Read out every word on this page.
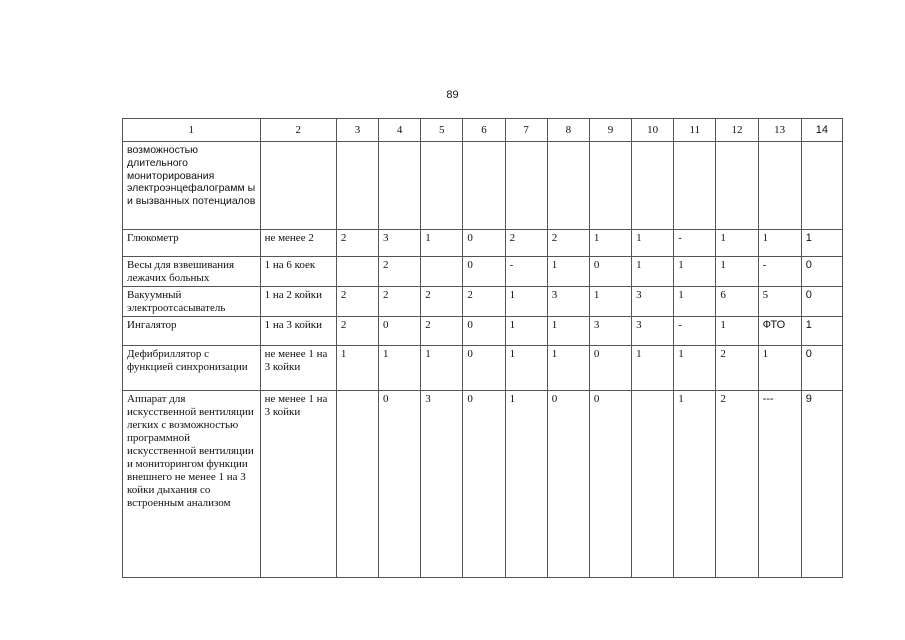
89
1	2	3	4	5	6	7	8	9	10	11	12	13	14
возможностью длительного мониторирования электроэнцефалограмм ы и вызванных потенциалов													
Глюкометр	не менее 2	2	3	1	0	2	2	1	1	-	1	1	1
Весы для взвешивания лежачих больных	1 на 6 коек		2		0	-	1	0	1	1	1	-	0
Вакуумный электроотсасыватель	1 на 2 койки	2	2	2	2	1	3	1	3	1	6	5	0
Ингалятор	1 на 3 койки	2	0	2	0	1	1	3	3	-	1	ФТО	1
Дефибриллятор с функцией синхронизации	не менее 1 на 3 койки	1	1	1	0	1	1	0	1	1	2	1	0
Аппарат для искусственной вентиляции легких с возможностью программной искусственной вентиляции и мониторингом функции внешнего не менее 1 на 3 койки дыхания со встроенным анализом	не менее 1 на 3 койки		0	3	0	1	0	0		1	2	---	9
